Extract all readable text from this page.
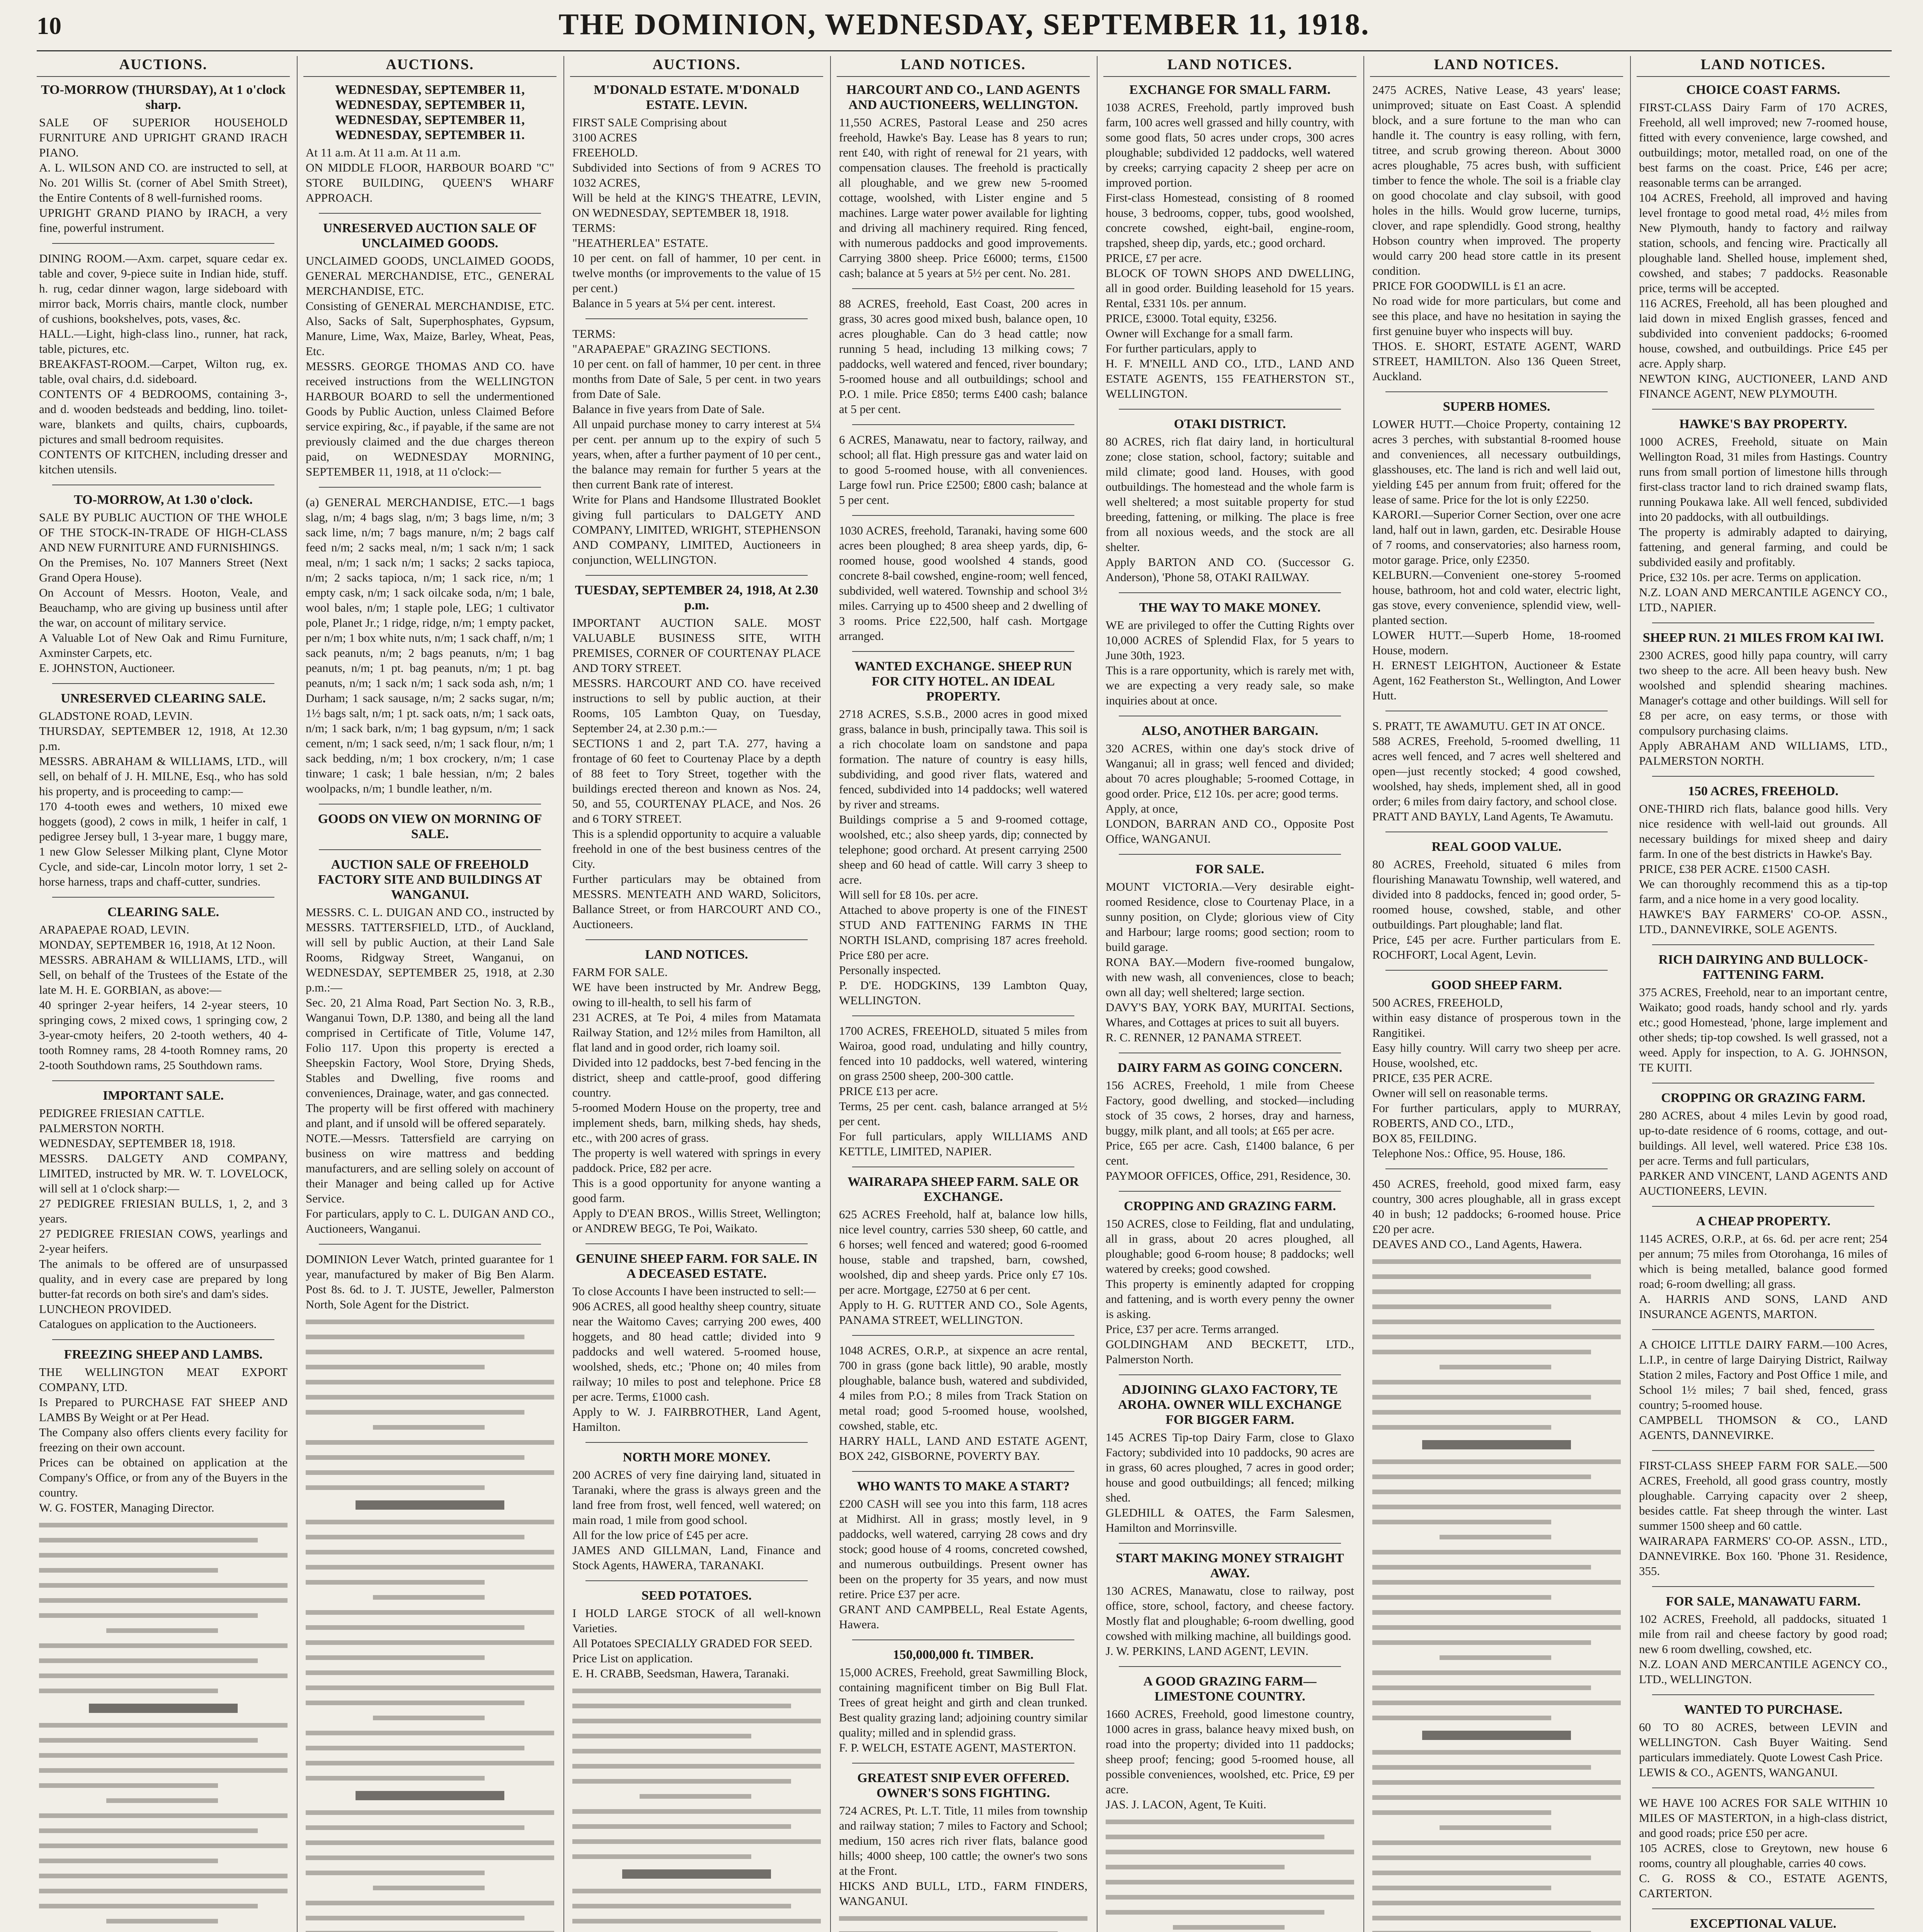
10	THE DOMINION, WEDNESDAY, SEPTEMBER 11, 1918.
AUCTIONS.
TO-MORROW (THURSDAY), At 1 o'clock sharp.
SALE OF SUPERIOR HOUSEHOLD FURNITURE AND UPRIGHT GRAND IRACH PIANO.
A. L. WILSON AND CO. are instructed to sell, at No. 201 Willis St. (corner of Abel Smith Street), the Entire Contents of 8 well-furnished rooms.
UPRIGHT GRAND PIANO by IRACH, a very fine, powerful instrument.
DINING ROOM.—Axm. carpet, square cedar ex. table and cover, 9-piece suite in Indian hide, stuff. h. rug, cedar dinner wagon, large sideboard with mirror back, Morris chairs, mantle clock, number of cushions, bookshelves, pots, vases, &c.
HALL.—Light, high-class lino., runner, hat rack, table, pictures, etc.
BREAKFAST-ROOM.—Carpet, Wilton rug, ex. table, oval chairs, d.d. sideboard.
CONTENTS OF 4 BEDROOMS, containing 3-, and d. wooden bedsteads and bedding, lino. toilet-ware, blankets and quilts, chairs, cupboards, pictures and small bedroom requisites.
CONTENTS OF KITCHEN, including dresser and kitchen utensils.
TO-MORROW, At 1.30 o'clock.
SALE BY PUBLIC AUCTION OF THE WHOLE OF THE STOCK-IN-TRADE OF HIGH-CLASS AND NEW FURNITURE AND FURNISHINGS.
On the Premises, No. 107 Manners Street (Next Grand Opera House).
On Account of Messrs. Hooton, Veale, and Beauchamp, who are giving up business until after the war, on account of military service.
A Valuable Lot of New Oak and Rimu Furniture, Axminster Carpets, etc.
E. JOHNSTON, Auctioneer.
UNRESERVED CLEARING SALE.
GLADSTONE ROAD, LEVIN.
THURSDAY, SEPTEMBER 12, 1918, At 12.30 p.m.
MESSRS. ABRAHAM & WILLIAMS, LTD., will sell, on behalf of J. H. MILNE, Esq., who has sold his property, and is proceeding to camp:—
170 4-tooth ewes and wethers, 10 mixed ewe hoggets (good), 2 cows in milk, 1 heifer in calf, 1 pedigree Jersey bull, 1 3-year mare, 1 buggy mare, 1 new Glow Selesser Milking plant, Clyne Motor Cycle, and side-car, Lincoln motor lorry, 1 set 2-horse harness, traps and chaff-cutter, sundries.
CLEARING SALE.
ARAPAEPAE ROAD, LEVIN.
MONDAY, SEPTEMBER 16, 1918, At 12 Noon.
MESSRS. ABRAHAM & WILLIAMS, LTD., will Sell, on behalf of the Trustees of the Estate of the late M. H. E. GORBIAN, as above:—
40 springer 2-year heifers, 14 2-year steers, 10 springing cows, 2 mixed cows, 1 springing cow, 2 3-year-cmoty heifers, 20 2-tooth wethers, 40 4-tooth Romney rams, 28 4-tooth Romney rams, 20 2-tooth Southdown rams, 25 Southdown rams.
IMPORTANT SALE.
PEDIGREE FRIESIAN CATTLE.
PALMERSTON NORTH.
WEDNESDAY, SEPTEMBER 18, 1918.
MESSRS. DALGETY AND COMPANY, LIMITED, instructed by MR. W. T. LOVELOCK, will sell at 1 o'clock sharp:—
27 PEDIGREE FRIESIAN BULLS, 1, 2, and 3 years.
27 PEDIGREE FRIESIAN COWS, yearlings and 2-year heifers.
The animals to be offered are of unsurpassed quality, and in every case are prepared by long butter-fat records on both sire's and dam's sides.
LUNCHEON PROVIDED.
Catalogues on application to the Auctioneers.
FREEZING SHEEP AND LAMBS.
THE WELLINGTON MEAT EXPORT COMPANY, LTD.
Is Prepared to PURCHASE FAT SHEEP AND LAMBS By Weight or at Per Head.
The Company also offers clients every facility for freezing on their own account.
Prices can be obtained on application at the Company's Office, or from any of the Buyers in the country.
W. G. FOSTER, Managing Director.
AUCTIONS.
WEDNESDAY, SEPTEMBER 11, WEDNESDAY, SEPTEMBER 11, WEDNESDAY, SEPTEMBER 11, WEDNESDAY, SEPTEMBER 11.
At 11 a.m. At 11 a.m. At 11 a.m.
ON MIDDLE FLOOR, HARBOUR BOARD "C" STORE BUILDING, QUEEN'S WHARF APPROACH.
UNRESERVED AUCTION SALE OF UNCLAIMED GOODS.
UNCLAIMED GOODS, UNCLAIMED GOODS, GENERAL MERCHANDISE, ETC., GENERAL MERCHANDISE, ETC.
Consisting of GENERAL MERCHANDISE, ETC. Also, Sacks of Salt, Superphosphates, Gypsum, Manure, Lime, Wax, Maize, Barley, Wheat, Peas, Etc.
MESSRS. GEORGE THOMAS AND CO. have received instructions from the WELLINGTON HARBOUR BOARD to sell the undermentioned Goods by Public Auction, unless Claimed Before service expiring, &c., if payable, if the same are not previously claimed and the due charges thereon paid, on WEDNESDAY MORNING, SEPTEMBER 11, 1918, at 11 o'clock:—
(a) GENERAL MERCHANDISE, ETC.—1 bags slag, n/m; 4 bags slag, n/m; 3 bags lime, n/m; 3 sack lime, n/m; 7 bags manure, n/m; 2 bags calf feed n/m; 2 sacks meal, n/m; 1 sack n/m; 1 sack meal, n/m; 1 sack n/m; 1 sacks; 2 sacks tapioca, n/m; 2 sacks tapioca, n/m; 1 sack rice, n/m; 1 empty cask, n/m; 1 sack oilcake soda, n/m; 1 bale, wool bales, n/m; 1 staple pole, LEG; 1 cultivator pole, Planet Jr.; 1 ridge, ridge, n/m; 1 empty packet, per n/m; 1 box white nuts, n/m; 1 sack chaff, n/m; 1 sack peanuts, n/m; 2 bags peanuts, n/m; 1 bag peanuts, n/m; 1 pt. bag peanuts, n/m; 1 pt. bag peanuts, n/m; 1 sack n/m; 1 sack soda ash, n/m; 1 Durham; 1 sack sausage, n/m; 2 sacks sugar, n/m; 1½ bags salt, n/m; 1 pt. sack oats, n/m; 1 sack oats, n/m; 1 sack bark, n/m; 1 bag gypsum, n/m; 1 sack cement, n/m; 1 sack seed, n/m; 1 sack flour, n/m; 1 sack bedding, n/m; 1 box crockery, n/m; 1 case tinware; 1 cask; 1 bale hessian, n/m; 2 bales woolpacks, n/m; 1 bundle leather, n/m.
GOODS ON VIEW ON MORNING OF SALE.
AUCTION SALE OF FREEHOLD FACTORY SITE AND BUILDINGS AT WANGANUI.
MESSRS. C. L. DUIGAN AND CO., instructed by MESSRS. TATTERSFIELD, LTD., of Auckland, will sell by public Auction, at their Land Sale Rooms, Ridgway Street, Wanganui, on WEDNESDAY, SEPTEMBER 25, 1918, at 2.30 p.m.:—
Sec. 20, 21 Alma Road, Part Section No. 3, R.B., Wanganui Town, D.P. 1380, and being all the land comprised in Certificate of Title, Volume 147, Folio 117. Upon this property is erected a Sheepskin Factory, Wool Store, Drying Sheds, Stables and Dwelling, five rooms and conveniences, Drainage, water, and gas connected.
The property will be first offered with machinery and plant, and if unsold will be offered separately.
NOTE.—Messrs. Tattersfield are carrying on business on wire mattress and bedding manufacturers, and are selling solely on account of their Manager and being called up for Active Service.
For particulars, apply to C. L. DUIGAN AND CO., Auctioneers, Wanganui.
DOMINION Lever Watch, printed guarantee for 1 year, manufactured by maker of Big Ben Alarm. Post 8s. 6d. to J. T. JUSTE, Jeweller, Palmerston North, Sole Agent for the District.
AUCTIONS.
M'DONALD ESTATE. M'DONALD ESTATE. LEVIN.
FIRST SALE Comprising about
3100 ACRES
FREEHOLD.
Subdivided into Sections of from 9 ACRES TO 1032 ACRES,
Will be held at the KING'S THEATRE, LEVIN, ON WEDNESDAY, SEPTEMBER 18, 1918.
TERMS:
"HEATHERLEA" ESTATE.
10 per cent. on fall of hammer, 10 per cent. in twelve months (or improvements to the value of 15 per cent.)
Balance in 5 years at 5¼ per cent. interest.
TERMS:
"ARAPAEPAE" GRAZING SECTIONS.
10 per cent. on fall of hammer, 10 per cent. in three months from Date of Sale, 5 per cent. in two years from Date of Sale.
Balance in five years from Date of Sale.
All unpaid purchase money to carry interest at 5¼ per cent. per annum up to the expiry of such 5 years, when, after a further payment of 10 per cent., the balance may remain for further 5 years at the then current Bank rate of interest.
Write for Plans and Handsome Illustrated Booklet giving full particulars to DALGETY AND COMPANY, LIMITED, WRIGHT, STEPHENSON AND COMPANY, LIMITED, Auctioneers in conjunction, WELLINGTON.
TUESDAY, SEPTEMBER 24, 1918, At 2.30 p.m.
IMPORTANT AUCTION SALE. MOST VALUABLE BUSINESS SITE, WITH PREMISES, CORNER OF COURTENAY PLACE AND TORY STREET.
MESSRS. HARCOURT AND CO. have received instructions to sell by public auction, at their Rooms, 105 Lambton Quay, on Tuesday, September 24, at 2.30 p.m.:—
SECTIONS 1 and 2, part T.A. 277, having a frontage of 60 feet to Courtenay Place by a depth of 88 feet to Tory Street, together with the buildings erected thereon and known as Nos. 24, 50, and 55, COURTENAY PLACE, and Nos. 26 and 6 TORY STREET.
This is a splendid opportunity to acquire a valuable freehold in one of the best business centres of the City.
Further particulars may be obtained from MESSRS. MENTEATH AND WARD, Solicitors, Ballance Street, or from HARCOURT AND CO., Auctioneers.
LAND NOTICES.
FARM FOR SALE.
WE have been instructed by Mr. Andrew Begg, owing to ill-health, to sell his farm of
231 ACRES, at Te Poi, 4 miles from Matamata Railway Station, and 12½ miles from Hamilton, all flat land and in good order, rich loamy soil.
Divided into 12 paddocks, best 7-bed fencing in the district, sheep and cattle-proof, good differing country.
5-roomed Modern House on the property, tree and implement sheds, barn, milking sheds, hay sheds, etc., with 200 acres of grass.
The property is well watered with springs in every paddock. Price, £82 per acre.
This is a good opportunity for anyone wanting a good farm.
Apply to D'EAN BROS., Willis Street, Wellington; or ANDREW BEGG, Te Poi, Waikato.
GENUINE SHEEP FARM. FOR SALE. IN A DECEASED ESTATE.
To close Accounts I have been instructed to sell:—
906 ACRES, all good healthy sheep country, situate near the Waitomo Caves; carrying 200 ewes, 400 hoggets, and 80 head cattle; divided into 9 paddocks and well watered. 5-roomed house, woolshed, sheds, etc.; 'Phone on; 40 miles from railway; 10 miles to post and telephone. Price £8 per acre. Terms, £1000 cash.
Apply to W. J. FAIRBROTHER, Land Agent, Hamilton.
NORTH MORE MONEY.
200 ACRES of very fine dairying land, situated in Taranaki, where the grass is always green and the land free from frost, well fenced, well watered; on main road, 1 mile from good school.
All for the low price of £45 per acre.
JAMES AND GILLMAN, Land, Finance and Stock Agents, HAWERA, TARANAKI.
SEED POTATOES.
I HOLD LARGE STOCK of all well-known Varieties.
All Potatoes SPECIALLY GRADED FOR SEED.
Price List on application.
E. H. CRABB, Seedsman, Hawera, Taranaki.
LAND NOTICES.
HARCOURT AND CO., LAND AGENTS AND AUCTIONEERS, WELLINGTON.
11,550 ACRES, Pastoral Lease and 250 acres freehold, Hawke's Bay. Lease has 8 years to run; rent £40, with right of renewal for 21 years, with compensation clauses. The freehold is practically all ploughable, and we grew new 5-roomed cottage, woolshed, with Lister engine and 5 machines. Large water power available for lighting and driving all machinery required. Ring fenced, with numerous paddocks and good improvements. Carrying 3800 sheep. Price £6000; terms, £1500 cash; balance at 5 years at 5½ per cent. No. 281.
88 ACRES, freehold, East Coast, 200 acres in grass, 30 acres good mixed bush, balance open, 10 acres ploughable. Can do 3 head cattle; now running 5 head, including 13 milking cows; 7 paddocks, well watered and fenced, river boundary; 5-roomed house and all outbuildings; school and P.O. 1 mile. Price £850; terms £400 cash; balance at 5 per cent.
6 ACRES, Manawatu, near to factory, railway, and school; all flat. High pressure gas and water laid on to good 5-roomed house, with all conveniences. Large fowl run. Price £2500; £800 cash; balance at 5 per cent.
1030 ACRES, freehold, Taranaki, having some 600 acres been ploughed; 8 area sheep yards, dip, 6-roomed house, good woolshed 4 stands, good concrete 8-bail cowshed, engine-room; well fenced, subdivided, well watered. Township and school 3½ miles. Carrying up to 4500 sheep and 2 dwelling of 3 rooms. Price £22,500, half cash. Mortgage arranged.
WANTED EXCHANGE. SHEEP RUN FOR CITY HOTEL. AN IDEAL PROPERTY.
2718 ACRES, S.S.B., 2000 acres in good mixed grass, balance in bush, principally tawa. This soil is a rich chocolate loam on sandstone and papa formation. The nature of country is easy hills, subdividing, and good river flats, watered and fenced, subdivided into 14 paddocks; well watered by river and streams.
Buildings comprise a 5 and 9-roomed cottage, woolshed, etc.; also sheep yards, dip; connected by telephone; good orchard. At present carrying 2500 sheep and 60 head of cattle. Will carry 3 sheep to acre.
Will sell for £8 10s. per acre.
Attached to above property is one of the FINEST STUD AND FATTENING FARMS IN THE NORTH ISLAND, comprising 187 acres freehold. Price £80 per acre.
Personally inspected.
P. D'E. HODGKINS, 139 Lambton Quay, WELLINGTON.
1700 ACRES, FREEHOLD, situated 5 miles from Wairoa, good road, undulating and hilly country, fenced into 10 paddocks, well watered, wintering on grass 2500 sheep, 200-300 cattle.
PRICE £13 per acre.
Terms, 25 per cent. cash, balance arranged at 5½ per cent.
For full particulars, apply WILLIAMS AND KETTLE, LIMITED, NAPIER.
WAIRARAPA SHEEP FARM. SALE OR EXCHANGE.
625 ACRES Freehold, half at, balance low hills, nice level country, carries 530 sheep, 60 cattle, and 6 horses; well fenced and watered; good 6-roomed house, stable and trapshed, barn, cowshed, woolshed, dip and sheep yards. Price only £7 10s. per acre. Mortgage, £2750 at 6 per cent.
Apply to H. G. RUTTER AND CO., Sole Agents, PANAMA STREET, WELLINGTON.
1048 ACRES, O.R.P., at sixpence an acre rental, 700 in grass (gone back little), 90 arable, mostly ploughable, balance bush, watered and subdivided, 4 miles from P.O.; 8 miles from Track Station on metal road; good 5-roomed house, woolshed, cowshed, stable, etc.
HARRY HALL, LAND AND ESTATE AGENT, BOX 242, GISBORNE, POVERTY BAY.
WHO WANTS TO MAKE A START?
£200 CASH will see you into this farm, 118 acres at Midhirst. All in grass; mostly level, in 9 paddocks, well watered, carrying 28 cows and dry stock; good house of 4 rooms, concreted cowshed, and numerous outbuildings. Present owner has been on the property for 35 years, and now must retire. Price £37 per acre.
GRANT AND CAMPBELL, Real Estate Agents, Hawera.
150,000,000 ft. TIMBER.
15,000 ACRES, Freehold, great Sawmilling Block, containing magnificent timber on Big Bull Flat. Trees of great height and girth and clean trunked. Best quality grazing land; adjoining country similar quality; milled and in splendid grass.
F. P. WELCH, ESTATE AGENT, MASTERTON.
GREATEST SNIP EVER OFFERED. OWNER'S SONS FIGHTING.
724 ACRES, Pt. L.T. Title, 11 miles from township and railway station; 7 miles to Factory and School; medium, 150 acres rich river flats, balance good hills; 4000 sheep, 100 cattle; the owner's two sons at the Front.
HICKS AND BULL, LTD., FARM FINDERS, WANGANUI.
LAND NOTICES.
EXCHANGE FOR SMALL FARM.
1038 ACRES, Freehold, partly improved bush farm, 100 acres well grassed and hilly country, with some good flats, 50 acres under crops, 300 acres ploughable; subdivided 12 paddocks, well watered by creeks; carrying capacity 2 sheep per acre on improved portion.
First-class Homestead, consisting of 8 roomed house, 3 bedrooms, copper, tubs, good woolshed, concrete cowshed, eight-bail, engine-room, trapshed, sheep dip, yards, etc.; good orchard.
PRICE, £7 per acre.
BLOCK OF TOWN SHOPS AND DWELLING, all in good order. Building leasehold for 15 years. Rental, £331 10s. per annum.
PRICE, £3000. Total equity, £3256.
Owner will Exchange for a small farm.
For further particulars, apply to
H. F. M'NEILL AND CO., LTD., LAND AND ESTATE AGENTS, 155 FEATHERSTON ST., WELLINGTON.
OTAKI DISTRICT.
80 ACRES, rich flat dairy land, in horticultural zone; close station, school, factory; suitable and mild climate; good land. Houses, with good outbuildings. The homestead and the whole farm is well sheltered; a most suitable property for stud breeding, fattening, or milking. The place is free from all noxious weeds, and the stock are all shelter.
Apply BARTON AND CO. (Successor G. Anderson), 'Phone 58, OTAKI RAILWAY.
THE WAY TO MAKE MONEY.
WE are privileged to offer the Cutting Rights over 10,000 ACRES of Splendid Flax, for 5 years to June 30th, 1923.
This is a rare opportunity, which is rarely met with, we are expecting a very ready sale, so make inquiries about at once.
ALSO, ANOTHER BARGAIN.
320 ACRES, within one day's stock drive of Wanganui; all in grass; well fenced and divided; about 70 acres ploughable; 5-roomed Cottage, in good order. Price, £12 10s. per acre; good terms.
Apply, at once,
LONDON, BARRAN AND CO., Opposite Post Office, WANGANUI.
FOR SALE.
MOUNT VICTORIA.—Very desirable eight-roomed Residence, close to Courtenay Place, in a sunny position, on Clyde; glorious view of City and Harbour; large rooms; good section; room to build garage.
RONA BAY.—Modern five-roomed bungalow, with new wash, all conveniences, close to beach; own all day; well sheltered; large section.
DAVY'S BAY, YORK BAY, MURITAI. Sections, Whares, and Cottages at prices to suit all buyers.
R. C. RENNER, 12 PANAMA STREET.
DAIRY FARM AS GOING CONCERN.
156 ACRES, Freehold, 1 mile from Cheese Factory, good dwelling, and stocked—including stock of 35 cows, 2 horses, dray and harness, buggy, milk plant, and all tools; at £65 per acre.
Price, £65 per acre. Cash, £1400 balance, 6 per cent.
PAYMOOR OFFICES, Office, 291, Residence, 30.
CROPPING AND GRAZING FARM.
150 ACRES, close to Feilding, flat and undulating, all in grass, about 20 acres ploughed, all ploughable; good 6-room house; 8 paddocks; well watered by creeks; good cowshed.
This property is eminently adapted for cropping and fattening, and is worth every penny the owner is asking.
Price, £37 per acre. Terms arranged.
GOLDINGHAM AND BECKETT, LTD., Palmerston North.
ADJOINING GLAXO FACTORY, TE AROHA. OWNER WILL EXCHANGE FOR BIGGER FARM.
145 ACRES Tip-top Dairy Farm, close to Glaxo Factory; subdivided into 10 paddocks, 90 acres are in grass, 60 acres ploughed, 7 acres in good order; house and good outbuildings; all fenced; milking shed.
GLEDHILL & OATES, the Farm Salesmen, Hamilton and Morrinsville.
START MAKING MONEY STRAIGHT AWAY.
130 ACRES, Manawatu, close to railway, post office, store, school, factory, and cheese factory. Mostly flat and ploughable; 6-room dwelling, good cowshed with milking machine, all buildings good.
J. W. PERKINS, LAND AGENT, LEVIN.
A GOOD GRAZING FARM—LIMESTONE COUNTRY.
1660 ACRES, Freehold, good limestone country, 1000 acres in grass, balance heavy mixed bush, on road into the property; divided into 11 paddocks; sheep proof; fencing; good 5-roomed house, all possible conveniences, woolshed, etc. Price, £9 per acre.
JAS. J. LACON, Agent, Te Kuiti.
LAND NOTICES.
2475 ACRES, Native Lease, 43 years' lease; unimproved; situate on East Coast. A splendid block, and a sure fortune to the man who can handle it. The country is easy rolling, with fern, titree, and scrub growing thereon. About 3000 acres ploughable, 75 acres bush, with sufficient timber to fence the whole. The soil is a friable clay on good chocolate and clay subsoil, with good holes in the hills. Would grow lucerne, turnips, clover, and rape splendidly. Good strong, healthy Hobson country when improved. The property would carry 200 head store cattle in its present condition.
PRICE FOR GOODWILL is £1 an acre.
No road wide for more particulars, but come and see this place, and have no hesitation in saying the first genuine buyer who inspects will buy.
THOS. E. SHORT, ESTATE AGENT, WARD STREET, HAMILTON. Also 136 Queen Street, Auckland.
SUPERB HOMES.
LOWER HUTT.—Choice Property, containing 12 acres 3 perches, with substantial 8-roomed house and conveniences, all necessary outbuildings, glasshouses, etc. The land is rich and well laid out, yielding £45 per annum from fruit; offered for the lease of same. Price for the lot is only £2250.
KARORI.—Superior Corner Section, over one acre land, half out in lawn, garden, etc. Desirable House of 7 rooms, and conservatories; also harness room, motor garage. Price, only £2350.
KELBURN.—Convenient one-storey 5-roomed house, bathroom, hot and cold water, electric light, gas stove, every convenience, splendid view, well-planted section.
LOWER HUTT.—Superb Home, 18-roomed House, modern.
H. ERNEST LEIGHTON, Auctioneer & Estate Agent, 162 Featherston St., Wellington, And Lower Hutt.
S. PRATT, TE AWAMUTU. GET IN AT ONCE.
588 ACRES, Freehold, 5-roomed dwelling, 11 acres well fenced, and 7 acres well sheltered and open—just recently stocked; 4 good cowshed, woolshed, hay sheds, implement shed, all in good order; 6 miles from dairy factory, and school close.
PRATT AND BAYLY, Land Agents, Te Awamutu.
REAL GOOD VALUE.
80 ACRES, Freehold, situated 6 miles from flourishing Manawatu Township, well watered, and divided into 8 paddocks, fenced in; good order, 5-roomed house, cowshed, stable, and other outbuildings. Part ploughable; land flat.
Price, £45 per acre. Further particulars from E. ROCHFORT, Local Agent, Levin.
GOOD SHEEP FARM.
500 ACRES, FREEHOLD,
within easy distance of prosperous town in the Rangitikei.
Easy hilly country. Will carry two sheep per acre. House, woolshed, etc.
PRICE, £35 PER ACRE.
Owner will sell on reasonable terms.
For further particulars, apply to MURRAY, ROBERTS, AND CO., LTD.,
BOX 85, FEILDING.
Telephone Nos.: Office, 95. House, 186.
450 ACRES, freehold, good mixed farm, easy country, 300 acres ploughable, all in grass except 40 in bush; 12 paddocks; 6-roomed house. Price £20 per acre.
DEAVES AND CO., Land Agents, Hawera.
LAND NOTICES.
CHOICE COAST FARMS.
FIRST-CLASS Dairy Farm of 170 ACRES, Freehold, all well improved; new 7-roomed house, fitted with every convenience, large cowshed, and outbuildings; motor, metalled road, on one of the best farms on the coast. Price, £46 per acre; reasonable terms can be arranged.
104 ACRES, Freehold, all improved and having level frontage to good metal road, 4½ miles from New Plymouth, handy to factory and railway station, schools, and fencing wire. Practically all ploughable land. Shelled house, implement shed, cowshed, and stabes; 7 paddocks. Reasonable price, terms will be accepted.
116 ACRES, Freehold, all has been ploughed and laid down in mixed English grasses, fenced and subdivided into convenient paddocks; 6-roomed house, cowshed, and outbuildings. Price £45 per acre. Apply sharp.
NEWTON KING, AUCTIONEER, LAND AND FINANCE AGENT, NEW PLYMOUTH.
HAWKE'S BAY PROPERTY.
1000 ACRES, Freehold, situate on Main Wellington Road, 31 miles from Hastings. Country runs from small portion of limestone hills through first-class tractor land to rich drained swamp flats, running Poukawa lake. All well fenced, subdivided into 20 paddocks, with all outbuildings.
The property is admirably adapted to dairying, fattening, and general farming, and could be subdivided easily and profitably.
Price, £32 10s. per acre. Terms on application.
N.Z. LOAN AND MERCANTILE AGENCY CO., LTD., NAPIER.
SHEEP RUN. 21 MILES FROM KAI IWI.
2300 ACRES, good hilly papa country, will carry two sheep to the acre. All been heavy bush. New woolshed and splendid shearing machines. Manager's cottage and other buildings. Will sell for £8 per acre, on easy terms, or those with compulsory purchasing claims.
Apply ABRAHAM AND WILLIAMS, LTD., PALMERSTON NORTH.
150 ACRES, FREEHOLD.
ONE-THIRD rich flats, balance good hills. Very nice residence with well-laid out grounds. All necessary buildings for mixed sheep and dairy farm. In one of the best districts in Hawke's Bay.
PRICE, £38 PER ACRE. £1500 CASH.
We can thoroughly recommend this as a tip-top farm, and a nice home in a very good locality.
HAWKE'S BAY FARMERS' CO-OP. ASSN., LTD., DANNEVIRKE, SOLE AGENTS.
RICH DAIRYING AND BULLOCK-FATTENING FARM.
375 ACRES, Freehold, near to an important centre, Waikato; good roads, handy school and rly. yards etc.; good Homestead, 'phone, large implement and other sheds; tip-top cowshed. Is well grassed, not a weed. Apply for inspection, to A. G. JOHNSON, TE KUITI.
CROPPING OR GRAZING FARM.
280 ACRES, about 4 miles Levin by good road, up-to-date residence of 6 rooms, cottage, and out-buildings. All level, well watered. Price £38 10s. per acre. Terms and full particulars,
PARKER AND VINCENT, LAND AGENTS AND AUCTIONEERS, LEVIN.
A CHEAP PROPERTY.
1145 ACRES, O.R.P., at 6s. 6d. per acre rent; 254 per annum; 75 miles from Otorohanga, 16 miles of which is being metalled, balance good formed road; 6-room dwelling; all grass.
A. HARRIS AND SONS, LAND AND INSURANCE AGENTS, MARTON.
A CHOICE LITTLE DAIRY FARM.—100 Acres, L.I.P., in centre of large Dairying District, Railway Station 2 miles, Factory and Post Office 1 mile, and School 1½ miles; 7 bail shed, fenced, grass country; 5-roomed house.
CAMPBELL THOMSON & CO., LAND AGENTS, DANNEVIRKE.
FIRST-CLASS SHEEP FARM FOR SALE.—500 ACRES, Freehold, all good grass country, mostly ploughable. Carrying capacity over 2 sheep, besides cattle. Fat sheep through the winter. Last summer 1500 sheep and 60 cattle.
WAIRARAPA FARMERS' CO-OP. ASSN., LTD., DANNEVIRKE. Box 160. 'Phone 31. Residence, 355.
FOR SALE, MANAWATU FARM.
102 ACRES, Freehold, all paddocks, situated 1 mile from rail and cheese factory by good road; new 6 room dwelling, cowshed, etc.
N.Z. LOAN AND MERCANTILE AGENCY CO., LTD., WELLINGTON.
WANTED TO PURCHASE.
60 TO 80 ACRES, between LEVIN and WELLINGTON. Cash Buyer Waiting. Send particulars immediately. Quote Lowest Cash Price.
LEWIS & CO., AGENTS, WANGANUI.
WE HAVE 100 ACRES FOR SALE WITHIN 10 MILES OF MASTERTON, in a high-class district, and good roads; price £50 per acre.
105 ACRES, close to Greytown, new house 6 rooms, country all ploughable, carries 40 cows.
C. G. ROSS & CO., ESTATE AGENTS, CARTERTON.
EXCEPTIONAL VALUE.
